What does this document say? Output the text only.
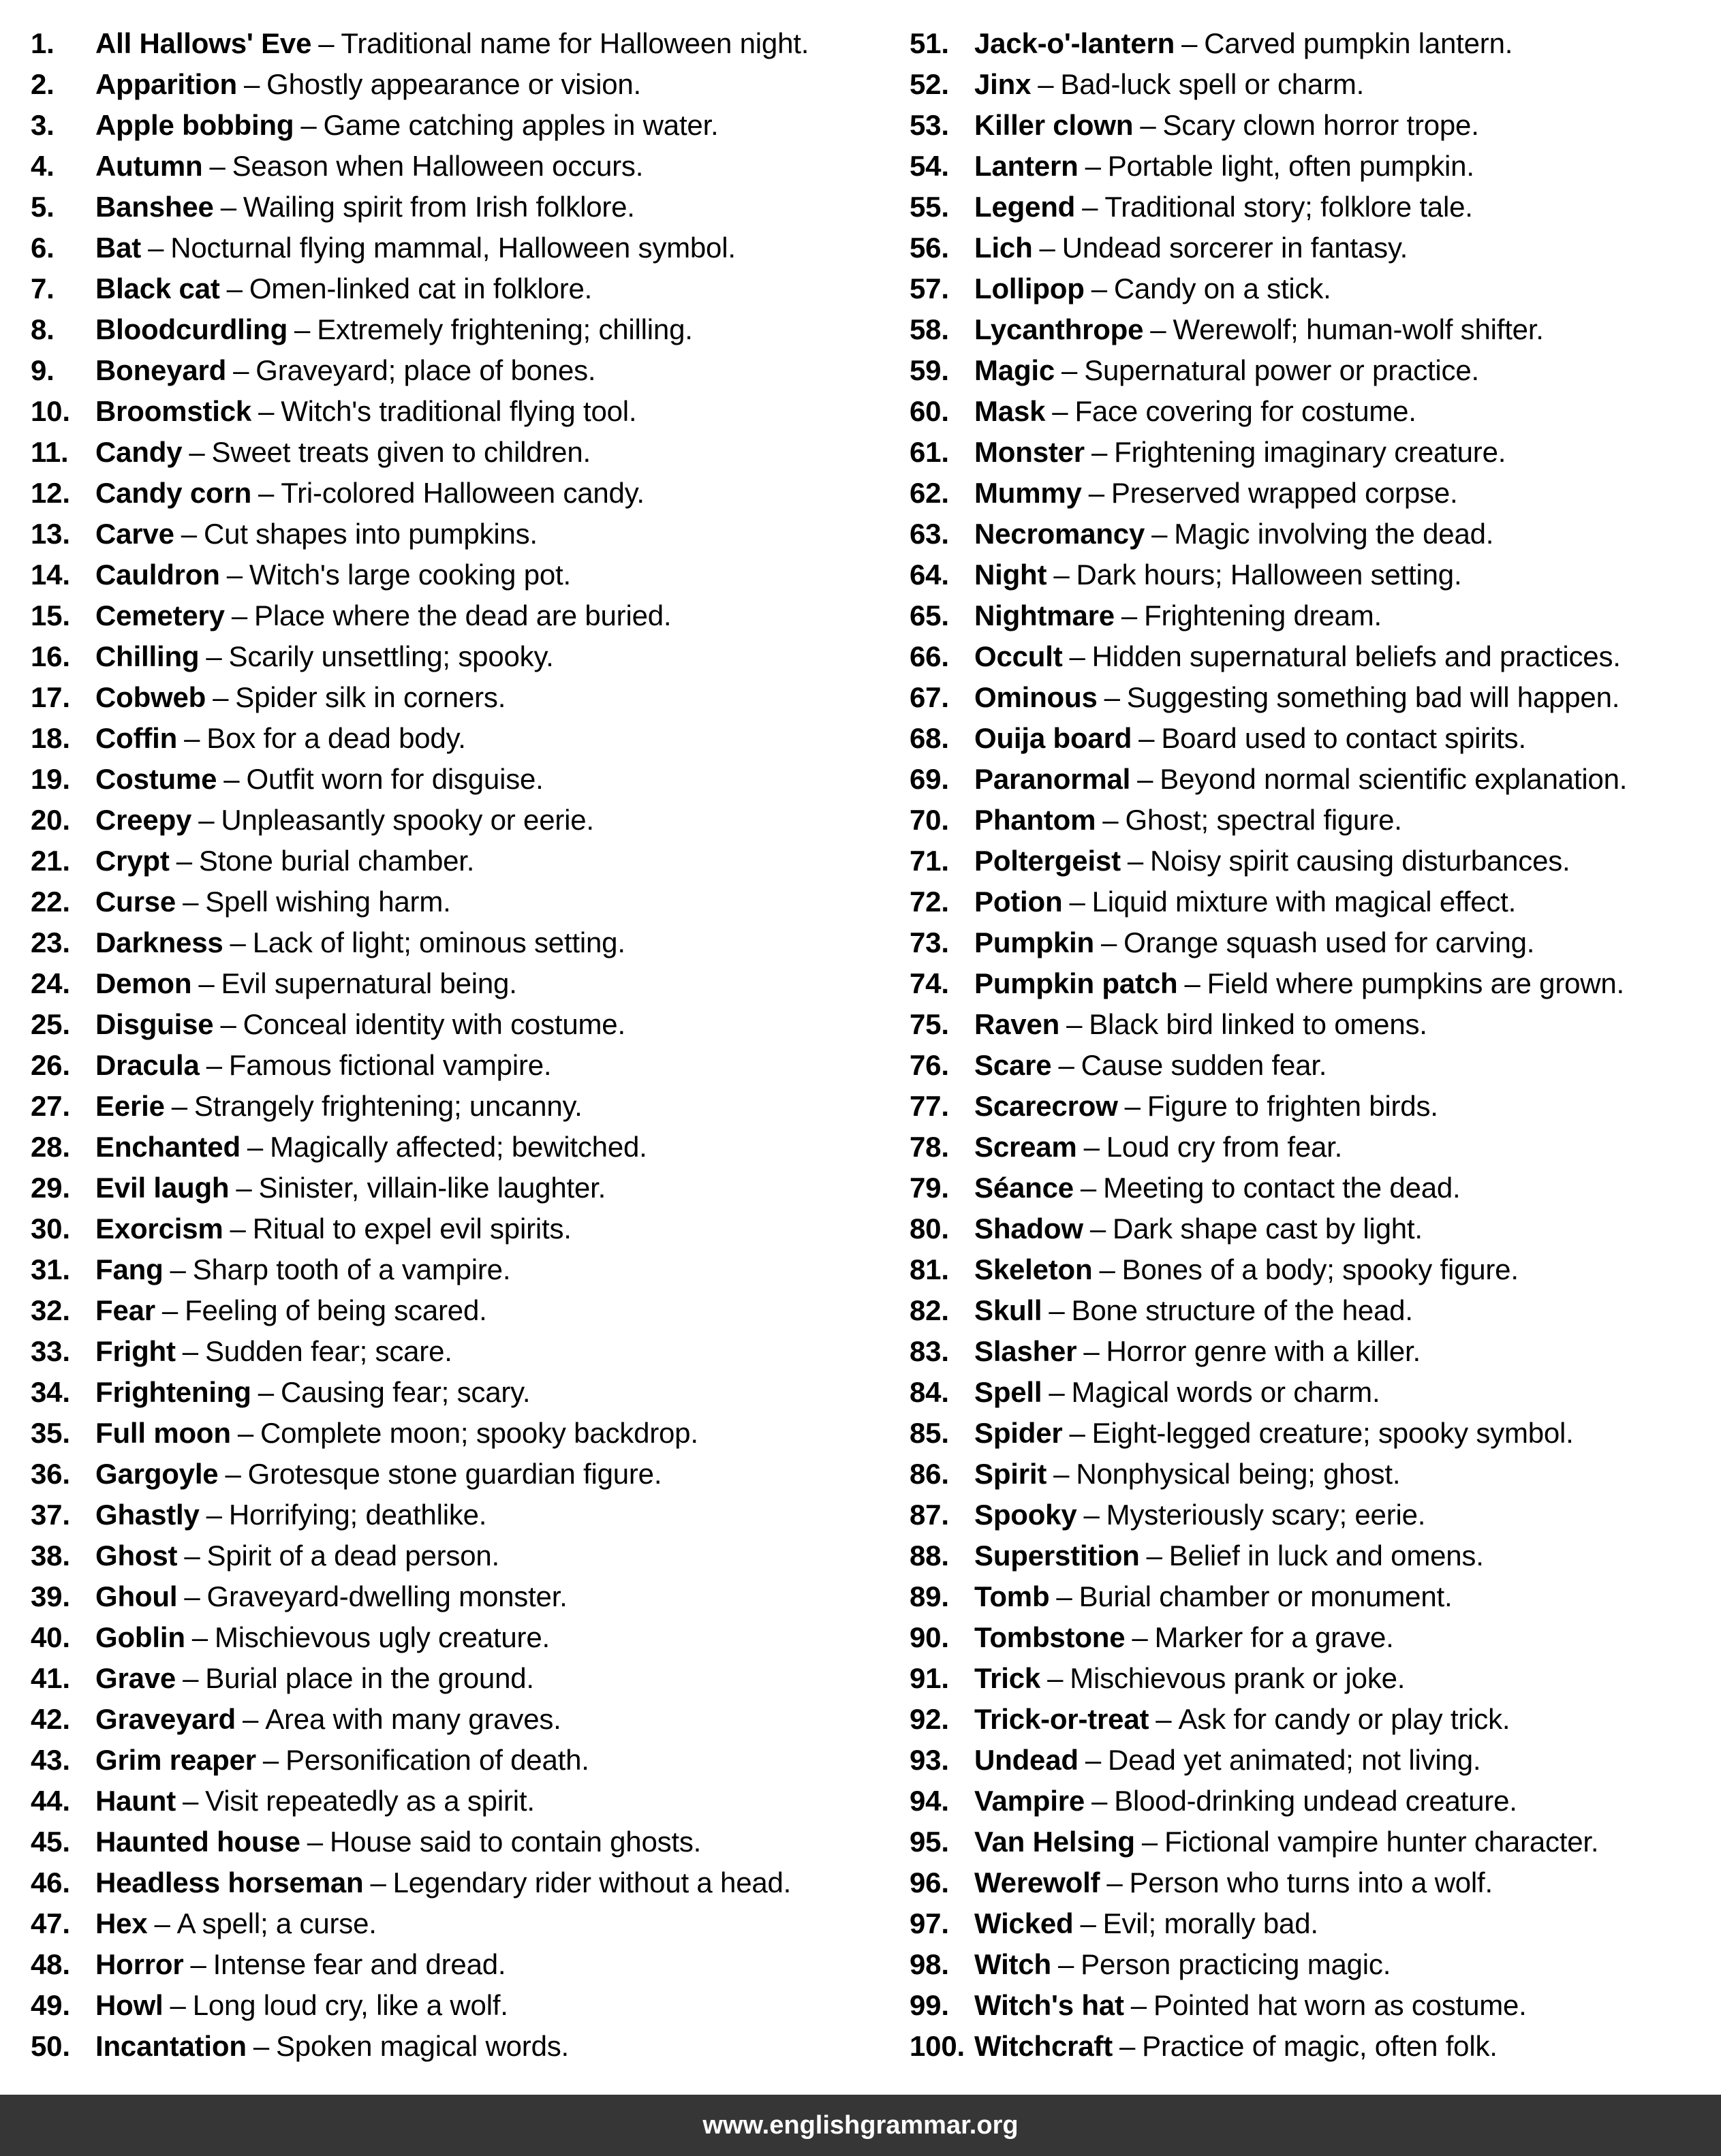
1.	All Hallows' Eve – Traditional name for Halloween night.
2.	Apparition – Ghostly appearance or vision.
3.	Apple bobbing – Game catching apples in water.
4.	Autumn – Season when Halloween occurs.
5.	Banshee – Wailing spirit from Irish folklore.
6.	Bat – Nocturnal flying mammal, Halloween symbol.
7.	Black cat – Omen-linked cat in folklore.
8.	Bloodcurdling – Extremely frightening; chilling.
9.	Boneyard – Graveyard; place of bones.
10. Broomstick – Witch's traditional flying tool.
11. Candy – Sweet treats given to children.
12. Candy corn – Tri-colored Halloween candy.
13. Carve – Cut shapes into pumpkins.
14. Cauldron – Witch's large cooking pot.
15. Cemetery – Place where the dead are buried.
16. Chilling – Scarily unsettling; spooky.
17. Cobweb – Spider silk in corners.
18. Coffin – Box for a dead body.
19. Costume – Outfit worn for disguise.
20. Creepy – Unpleasantly spooky or eerie.
21. Crypt – Stone burial chamber.
22. Curse – Spell wishing harm.
23. Darkness – Lack of light; ominous setting.
24. Demon – Evil supernatural being.
25. Disguise – Conceal identity with costume.
26. Dracula – Famous fictional vampire.
27. Eerie – Strangely frightening; uncanny.
28. Enchanted – Magically affected; bewitched.
29. Evil laugh – Sinister, villain-like laughter.
30. Exorcism – Ritual to expel evil spirits.
31. Fang – Sharp tooth of a vampire.
32. Fear – Feeling of being scared.
33. Fright – Sudden fear; scare.
34. Frightening – Causing fear; scary.
35. Full moon – Complete moon; spooky backdrop.
36. Gargoyle – Grotesque stone guardian figure.
37. Ghastly – Horrifying; deathlike.
38. Ghost – Spirit of a dead person.
39. Ghoul – Graveyard-dwelling monster.
40. Goblin – Mischievous ugly creature.
41. Grave – Burial place in the ground.
42. Graveyard – Area with many graves.
43. Grim reaper – Personification of death.
44. Haunt – Visit repeatedly as a spirit.
45. Haunted house – House said to contain ghosts.
46. Headless horseman – Legendary rider without a head.
47. Hex – A spell; a curse.
48. Horror – Intense fear and dread.
49. Howl – Long loud cry, like a wolf.
50. Incantation – Spoken magical words.
51. Jack-o'-lantern – Carved pumpkin lantern.
52. Jinx – Bad-luck spell or charm.
53. Killer clown – Scary clown horror trope.
54. Lantern – Portable light, often pumpkin.
55. Legend – Traditional story; folklore tale.
56. Lich – Undead sorcerer in fantasy.
57. Lollipop – Candy on a stick.
58. Lycanthrope – Werewolf; human-wolf shifter.
59. Magic – Supernatural power or practice.
60. Mask – Face covering for costume.
61. Monster – Frightening imaginary creature.
62. Mummy – Preserved wrapped corpse.
63. Necromancy – Magic involving the dead.
64. Night – Dark hours; Halloween setting.
65. Nightmare – Frightening dream.
66. Occult – Hidden supernatural beliefs and practices.
67. Ominous – Suggesting something bad will happen.
68. Ouija board – Board used to contact spirits.
69. Paranormal – Beyond normal scientific explanation.
70. Phantom – Ghost; spectral figure.
71. Poltergeist – Noisy spirit causing disturbances.
72. Potion – Liquid mixture with magical effect.
73. Pumpkin – Orange squash used for carving.
74. Pumpkin patch – Field where pumpkins are grown.
75. Raven – Black bird linked to omens.
76. Scare – Cause sudden fear.
77. Scarecrow – Figure to frighten birds.
78. Scream – Loud cry from fear.
79. Séance – Meeting to contact the dead.
80. Shadow – Dark shape cast by light.
81. Skeleton – Bones of a body; spooky figure.
82. Skull – Bone structure of the head.
83. Slasher – Horror genre with a killer.
84. Spell – Magical words or charm.
85. Spider – Eight-legged creature; spooky symbol.
86. Spirit – Nonphysical being; ghost.
87. Spooky – Mysteriously scary; eerie.
88. Superstition – Belief in luck and omens.
89. Tomb – Burial chamber or monument.
90. Tombstone – Marker for a grave.
91. Trick – Mischievous prank or joke.
92. Trick-or-treat – Ask for candy or play trick.
93. Undead – Dead yet animated; not living.
94. Vampire – Blood-drinking undead creature.
95. Van Helsing – Fictional vampire hunter character.
96. Werewolf – Person who turns into a wolf.
97. Wicked – Evil; morally bad.
98. Witch – Person practicing magic.
99. Witch's hat – Pointed hat worn as costume.
100. Witchcraft – Practice of magic, often folk.
www.englishgrammar.org
